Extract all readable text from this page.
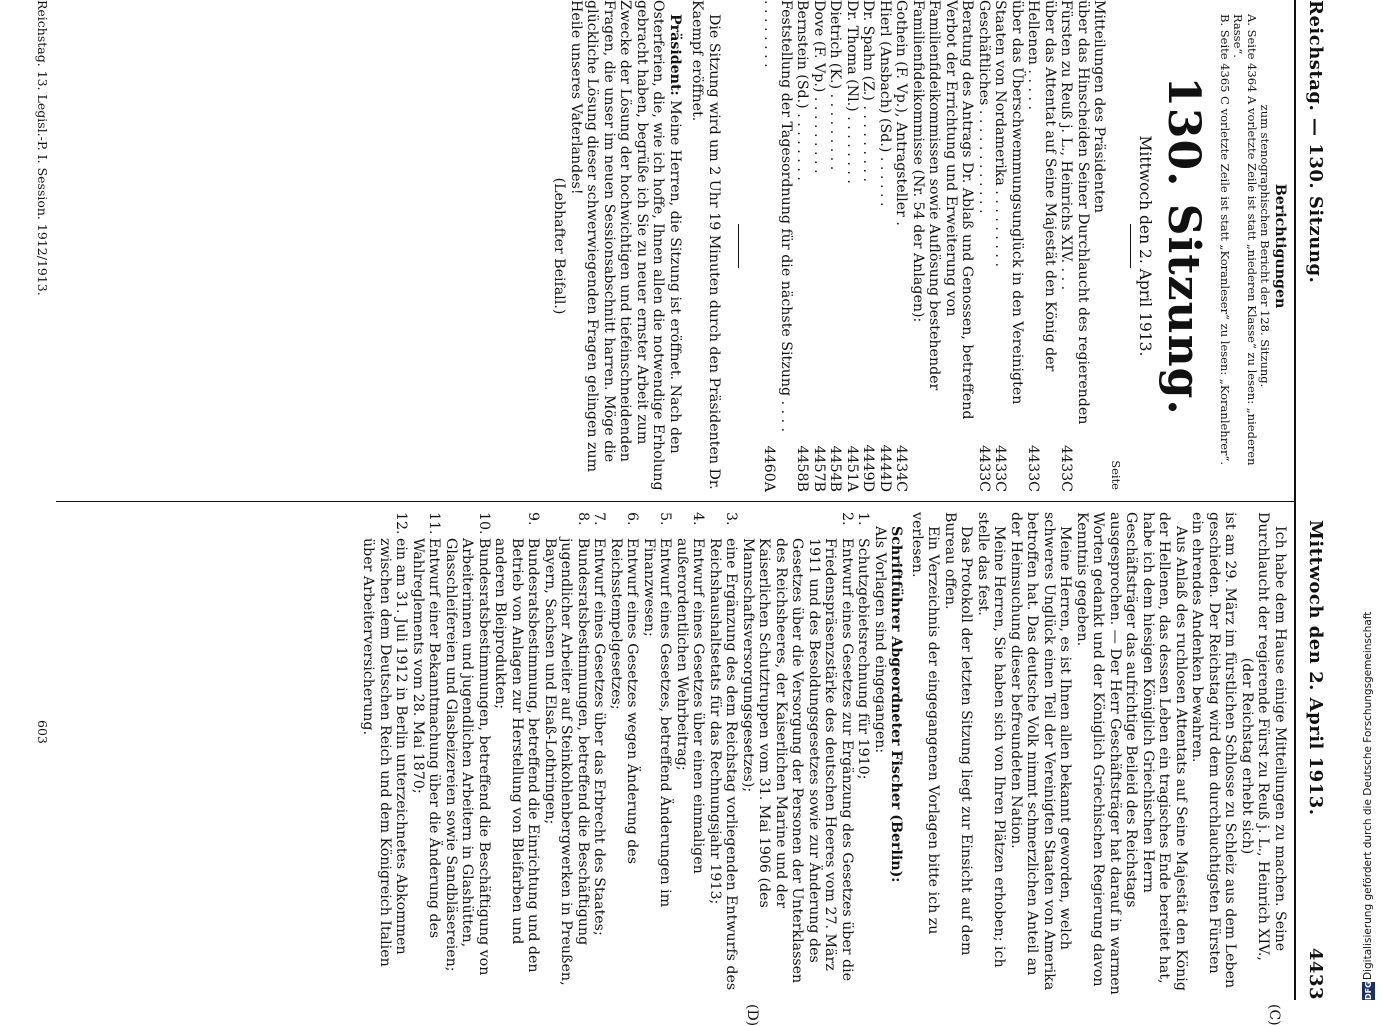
Reichstag. — 130. Sitzung.
Mittwoch den 2. April 1913.
4433
(C)
(D)

Berichtigungen

zum stenographischen Bericht der 128. Sitzung.

A. Seite 4364 A vorletzte Zeile ist statt „niederen Klasse“ zu lesen: „niederen Rasse“.

B. Seite 4365 C vorletzte Zeile ist statt „Koranleser“ zu lesen: „Koranlehrer“.

130. Sitzung.
Mittwoch den 2. April 1913.
Seite
Mitteilungen des Präsidenten	
über das Hinscheiden Seiner Durchlaucht des regierenden Fürsten zu Reuß j. L., Heinrichs XIV. . . .	4433C
über das Attentat auf Seine Majestät den König der Hellenen . . . . .	4433C
über das Überschwemmungsunglück in den Vereinigten Staaten von Nordamerika . . . . . . . . .	4433C
Geschäftliches . . . . . . . . . . . .	4433C
Beratung des Antrags Dr. Ablaß und Genossen, betreffend Verbot der Errichtung und Erweiterung von Familienfideikommissen sowie Auflösung bestehender Familienfideikommisse (Nr. 54 der Anlagen):	
Gothein (F. Vp.), Antragsteller .	4434C
Hierl (Ansbach) (Sd.) . . . . . .	4444D
Dr. Spahn (Z.) . . . . . . . . .	4449D
Dr. Thoma (Nl.) . . . . . . . .	4451A
Dietrich (K.) . . . . . . . . .	4454B
Dove (F. Vp.) . . . . . . . . .	4457B
Bernstein (Sd.) . . . . . . . .	4458B
Feststellung der Tagesordnung für die nächste Sitzung . . . . . . . . . . . .	4460A

Die Sitzung wird um 2 Uhr 19 Minuten durch den Präsidenten Dr. Kaempf eröffnet.

Präsident: Meine Herren, die Sitzung ist eröffnet. Nach den Osterferien, die, wie ich hoffe, Ihnen allen die notwendige Erholung gebracht haben, begrüße ich Sie zu neuer ernster Arbeit zum Zwecke der Lösung der hochwichtigen und tiefeinschneidenden Fragen, die unser im neuen Sessionsabschnitt harren. Möge die glückliche Lösung dieser schwerwiegenden Fragen gelingen zum Heile unseres Vaterlandes!

(Lebhafter Beifall.)

Ich habe dem Hause einige Mitteilungen zu machen. Seine Durchlaucht der regierende Fürst zu Reuß j. L., Heinrich XIV.,

(der Reichstag erhebt sich)

ist am 29. März im fürstlichen Schlosse zu Schleiz aus dem Leben geschieden. Der Reichstag wird dem durchlauchtigsten Fürsten ein ehrendes Andenken bewahren.

Aus Anlaß des ruchlosen Attentats auf Seine Majestät den König der Hellenen, das dessen Leben ein tragisches Ende bereitet hat, habe ich dem hiesigen Königlich Griechischen Herrn Geschäftsträger das aufrichtige Beileid des Reichstags ausgesprochen. — Der Herr Geschäftsträger hat darauf in warmen Worten gedankt und der Königlich Griechischen Regierung davon Kenntnis gegeben.

Meine Herren, es ist Ihnen allen bekannt geworden, welch schweres Unglück einen Teil der Vereinigten Staaten von Amerika betroffen hat. Das deutsche Volk nimmt schmerzlichen Anteil an der Heimsuchung dieser befreundeten Nation.

Meine Herren, Sie haben sich von Ihren Plätzen erhoben; ich stelle das fest.

Das Protokoll der letzten Sitzung liegt zur Einsicht auf dem Bureau offen.

Ein Verzeichnis der eingegangenen Vorlagen bitte ich zu verlesen.

Schriftführer Abgeordneter Fischer (Berlin):

Als Vorlagen sind eingegangen:

1.
Schutzgebietsrechnung für 1910;
2.
Entwurf eines Gesetzes zur Ergänzung des Gesetzes über die Friedenspräsenzstärke des deutschen Heeres vom 27. März 1911 und des Besoldungsgesetzes sowie zur Änderung des Gesetzes über die Versorgung der Personen der Unterklassen des Reichsheeres, der Kaiserlichen Marine und der Kaiserlichen Schutztruppen vom 31. Mai 1906 (des Mannschaftsversorgungsgesetzes);
3.
eine Ergänzung des dem Reichstag vorliegenden Entwurfs des Reichshaushaltsetats für das Rechnungsjahr 1913;
4.
Entwurf eines Gesetzes über einen einmaligen außerordentlichen Wehrbeitrag;
5.
Entwurf eines Gesetzes, betreffend Änderungen im Finanzwesen;
6.
Entwurf eines Gesetzes wegen Änderung des Reichsstempelgesetzes;
7.
Entwurf eines Gesetzes über das Erbrecht des Staates;
8.
Bundesratsbestimmungen, betreffend die Beschäftigung jugendlicher Arbeiter auf Steinkohlenbergwerken in Preußen, Bayern, Sachsen und Elsaß-Lothringen;
9.
Bundesratsbestimmung, betreffend die Einrichtung und den Betrieb von Anlagen zur Herstellung von Bleifarben und anderen Bleiprodukten;
10.
Bundesratsbestimmungen, betreffend die Beschäftigung von Arbeiterinnen und jugendlichen Arbeitern in Glashütten, Glasschleifereien und Glasbeizereien sowie Sandbläsereien;
11.
Entwurf einer Bekanntmachung über die Änderung des Wahlreglements vom 28. Mai 1870;
12.
ein am 31. Juli 1912 in Berlin unterzeichnetes Abkommen zwischen dem Deutschen Reich und dem Königreich Italien über Arbeiterversicherung.
Reichstag. 13. Legisl.-P. I. Session. 1912/1913.
603
DFG
Digitalisierung gefördert durch die Deutsche Forschungsgemeinschaft
